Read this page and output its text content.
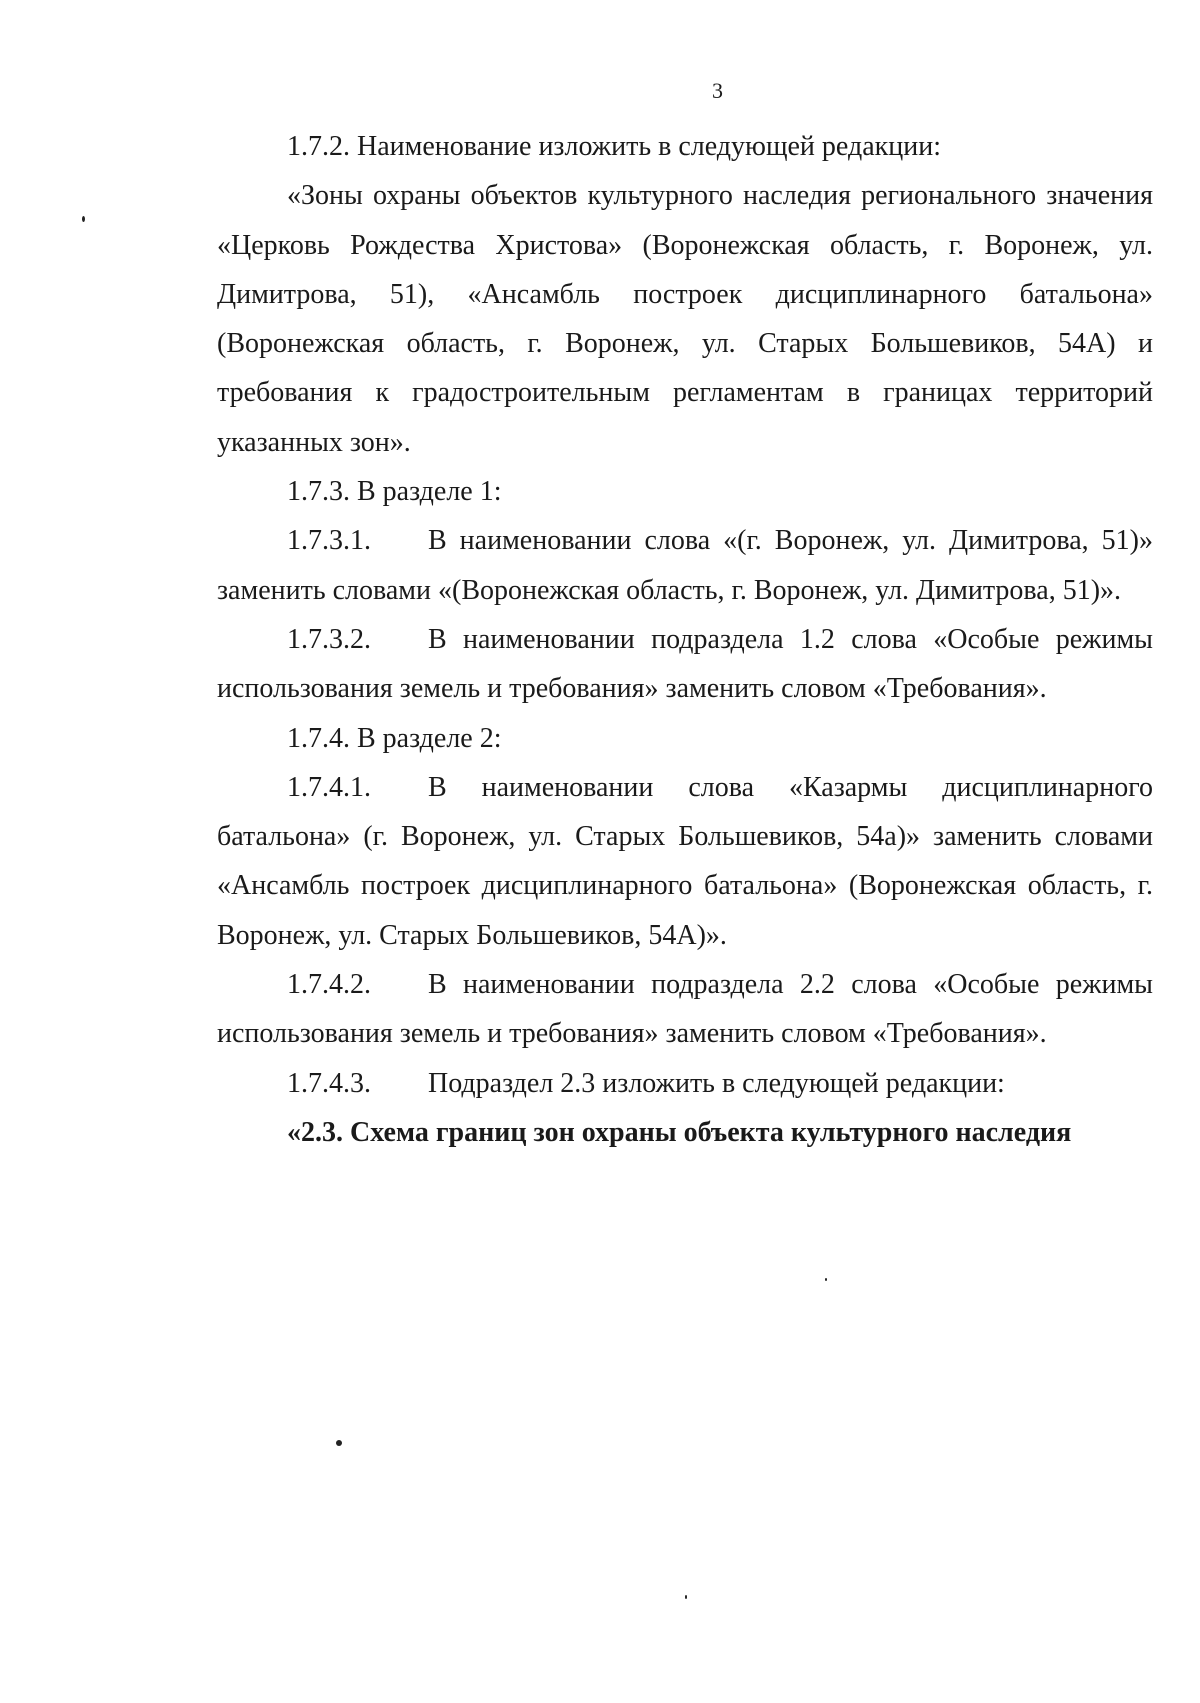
3

1.7.2. Наименование изложить в следующей редакции:

«Зоны охраны объектов культурного наследия регионального значения «Церковь Рождества Христова» (Воронежская область, г. Воронеж, ул. Димитрова, 51), «Ансамбль построек дисциплинарного батальона» (Воронежская область, г. Воронеж, ул. Старых Большевиков, 54А) и требования к градостроительным регламентам в границах территорий указанных зон».

1.7.3. В разделе 1:

1.7.3.1. В наименовании слова «(г. Воронеж, ул. Димитрова, 51)»

заменить словами «(Воронежская область, г. Воронеж, ул. Димитрова, 51)».

1.7.3.2. В наименовании подраздела 1.2 слова «Особые режимы

использования земель и требования» заменить словом «Требования».

1.7.4. В разделе 2:

1.7.4.1. В наименовании слова «Казармы дисциплинарного

батальона» (г. Воронеж, ул. Старых Большевиков, 54а)» заменить словами «Ансамбль построек дисциплинарного батальона» (Воронежская область, г. Воронеж, ул. Старых Большевиков, 54А)».

1.7.4.2. В наименовании подраздела 2.2 слова «Особые режимы

использования земель и требования» заменить словом «Требования».

1.7.4.3. Подраздел 2.3 изложить в следующей редакции:

«2.3. Схема границ зон охраны объекта культурного наследия
